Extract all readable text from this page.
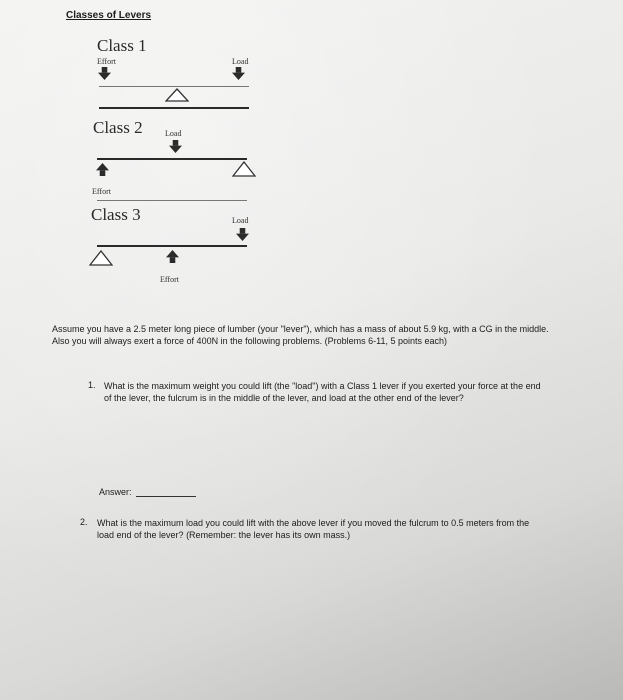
Classes of Levers
Class 1
Effort	Load
Class 2	Load
Effort
Class 3	Load
Effort
Assume you have a 2.5 meter long piece of lumber (your "lever"), which has a mass of about 5.9 kg, with a CG in the middle. Also you will always exert a force of 400N in the following problems. (Problems 6-11, 5 points each)
1. What is the maximum weight you could lift (the "load") with a Class 1 lever if you exerted your force at the end of the lever, the fulcrum is in the middle of the lever, and load at the other end of the lever?
Answer:
2. What is the maximum load you could lift with the above lever if you moved the fulcrum to 0.5 meters from the load end of the lever? (Remember: the lever has its own mass.)
